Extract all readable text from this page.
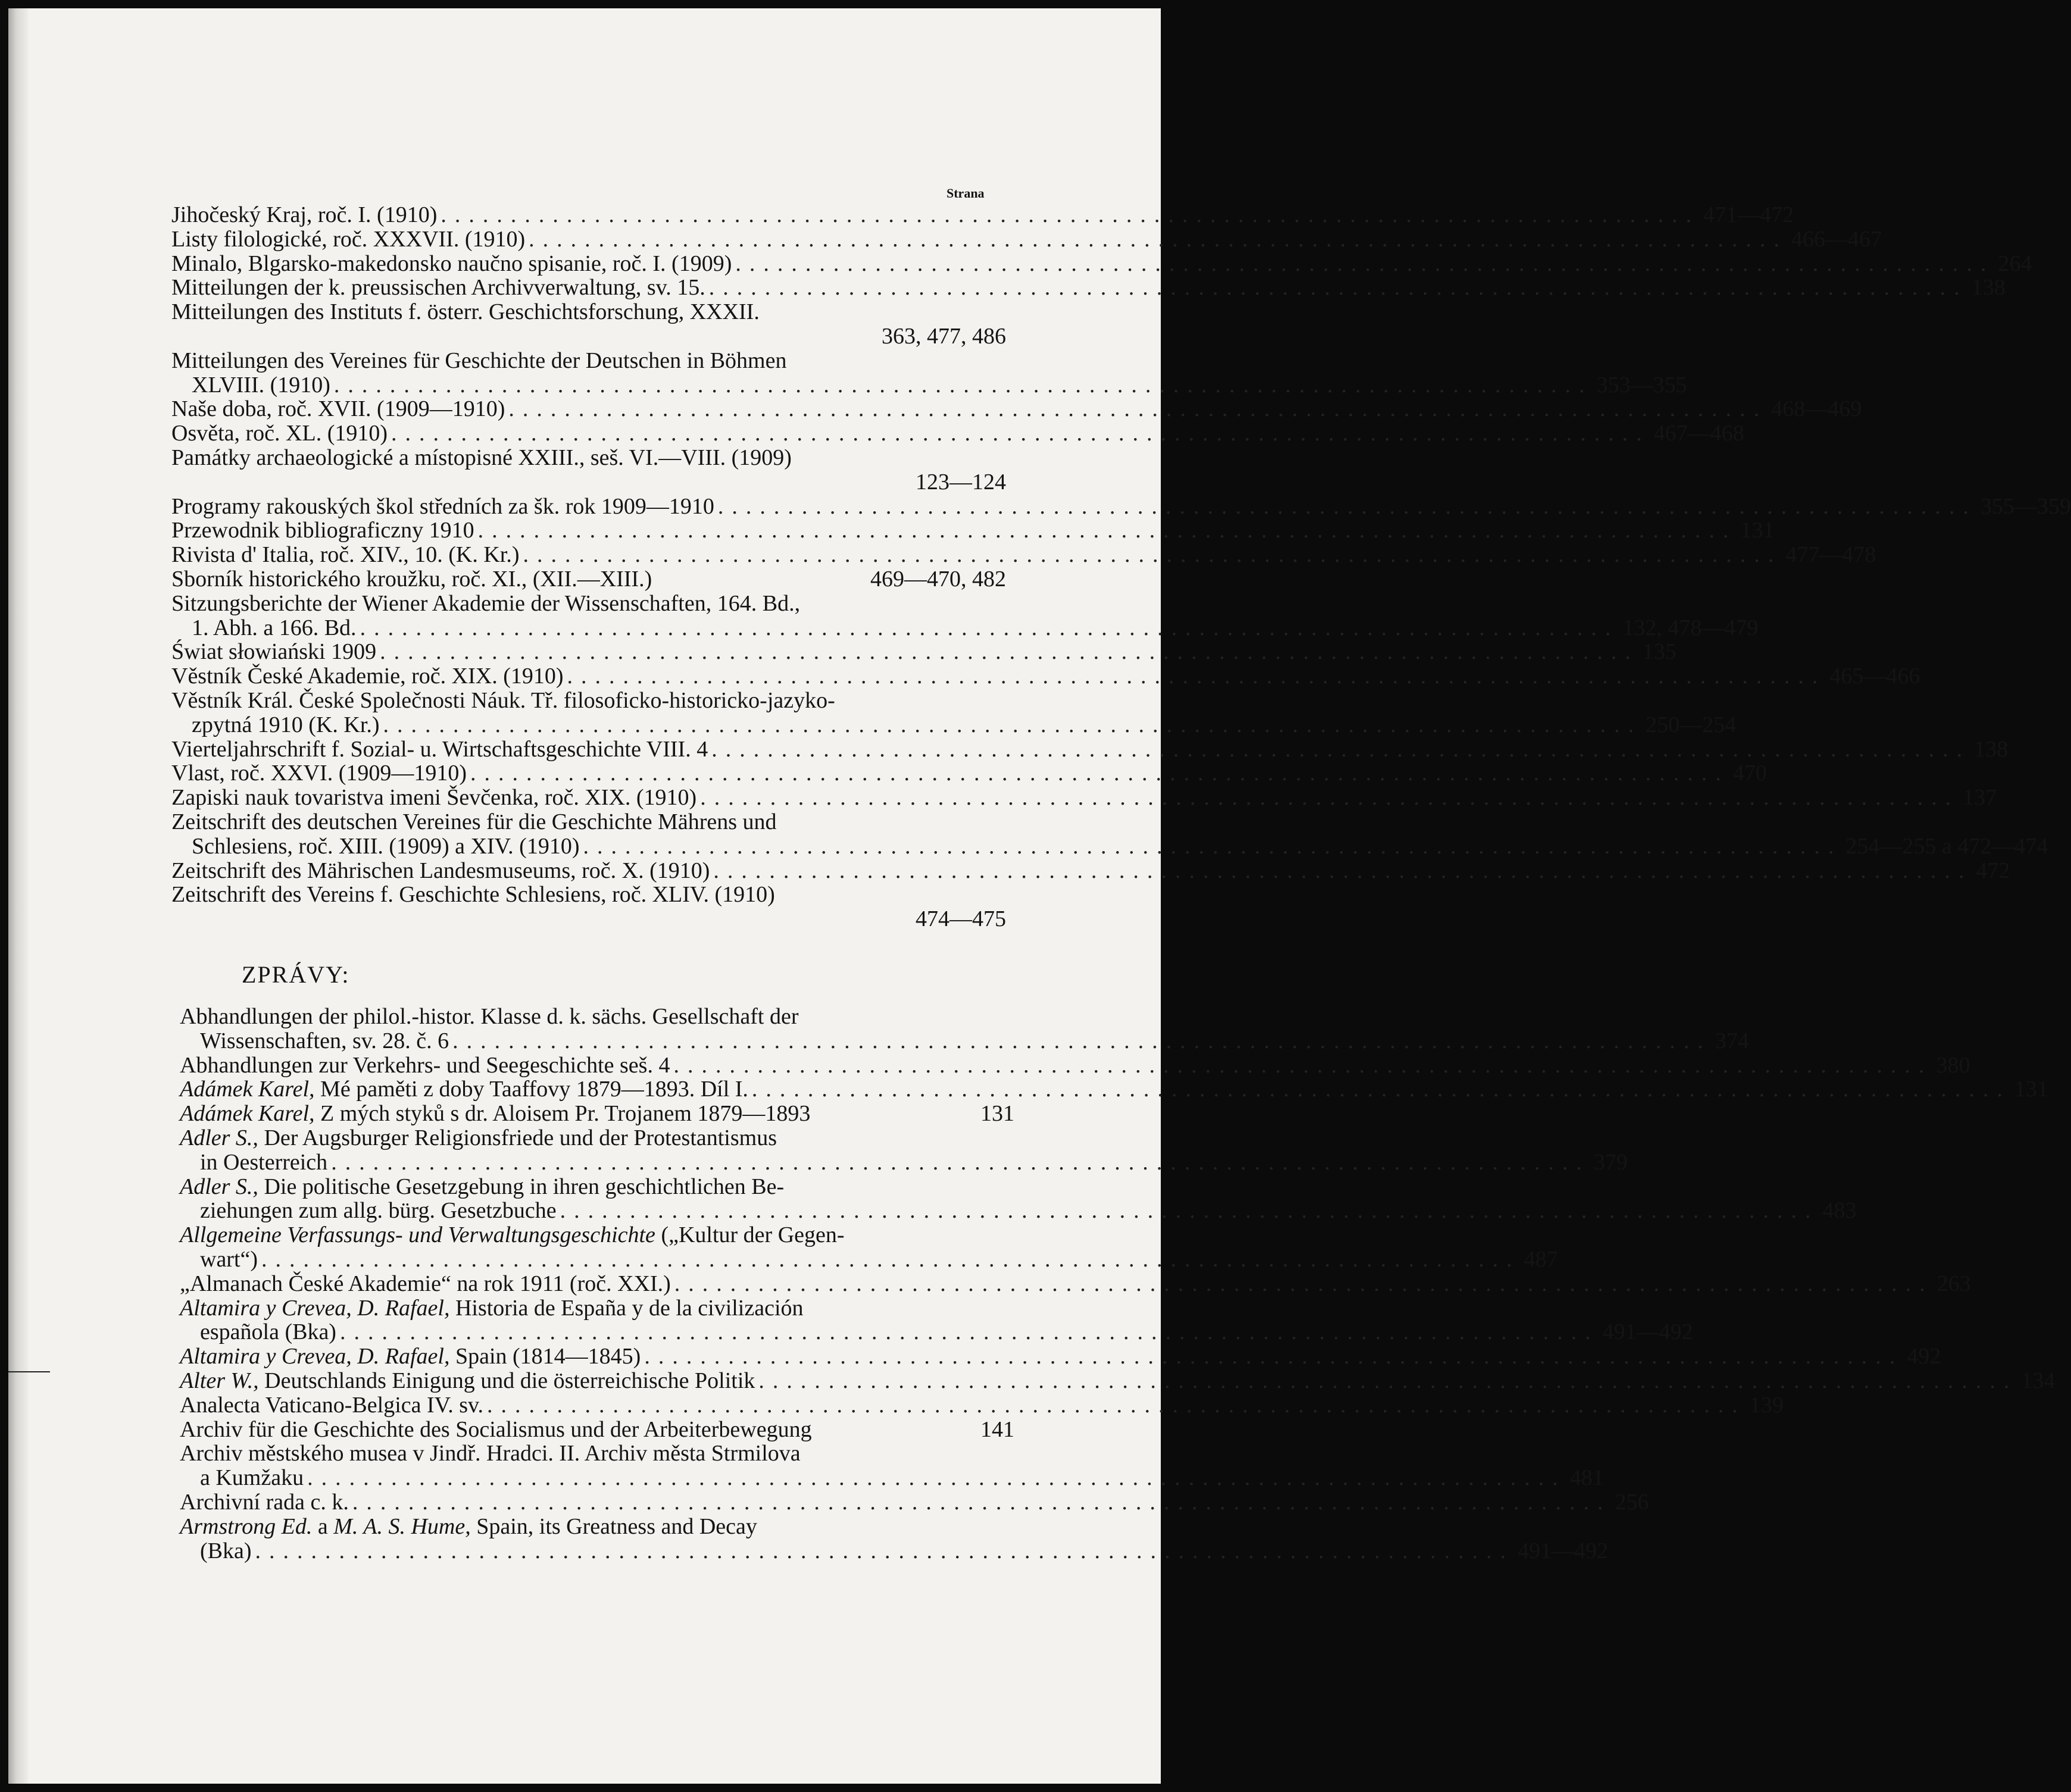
Strana
Jihočeský Kraj, roč. I. (1910) .......................................................................................... 471—472
Listy filologické, roč. XXXVII. (1910) .......................................................................................... 466—467
Minalo, Blgarsko-makedonsko naučno spisanie, roč. I. (1909) .......................................................................................... 264
Mitteilungen der k. preussischen Archivverwaltung, sv. 15. .......................................................................................... 138
Mitteilungen des Instituts f. österr. Geschichtsforschung, XXXII.
363, 477, 486
Mitteilungen des Vereines für Geschichte der Deutschen in Böhmen
XLVIII. (1910) .......................................................................................... 353—355
Naše doba, roč. XVII. (1909—1910) .......................................................................................... 468—469
Osvěta, roč. XL. (1910) .......................................................................................... 467—468
Památky archaeologické a místopisné XXIII., seš. VI.—VIII. (1909)
123—124
Programy rakouských škol středních za šk. rok 1909—1910 .......................................................................................... 355—359
Przewodnik bibliograficzny 1910 .......................................................................................... 131
Rivista d' Italia, roč. XIV., 10. (K. Kr.) .......................................................................................... 477—478
Sborník historického kroužku, roč. XI., (XII.—XIII.)	469—470, 482
Sitzungsberichte der Wiener Akademie der Wissenschaften, 164. Bd.,
1. Abh. a 166. Bd. .......................................................................................... 132, 478—479
Świat słowiański 1909 .......................................................................................... 135
Věstník České Akademie, roč. XIX. (1910) .......................................................................................... 465—466
Věstník Král. České Společnosti Náuk. Tř. filosoficko-historicko-jazyko-
zpytná 1910 (K. Kr.) .......................................................................................... 250—254
Vierteljahrschrift f. Sozial- u. Wirtschaftsgeschichte VIII. 4 .......................................................................................... 138
Vlast, roč. XXVI. (1909—1910) .......................................................................................... 470
Zapiski nauk tovaristva imeni Ševčenka, roč. XIX. (1910) .......................................................................................... 137
Zeitschrift des deutschen Vereines für die Geschichte Mährens und
Schlesiens, roč. XIII. (1909) a XIV. (1910) .......................................................................................... 254—255 a 472—474
Zeitschrift des Mährischen Landesmuseums, roč. X. (1910) .......................................................................................... 472
Zeitschrift des Vereins f. Geschichte Schlesiens, roč. XLIV. (1910)
474—475
ZPRÁVY:
Abhandlungen der philol.-histor. Klasse d. k. sächs. Gesellschaft der
Wissenschaften, sv. 28. č. 6 .......................................................................................... 374
Abhandlungen zur Verkehrs- und Seegeschichte seš. 4 .......................................................................................... 380
Adámek Karel, Mé paměti z doby Taaffovy 1879—1893. Díl I. .......................................................................................... 131
Adámek Karel, Z mých styků s dr. Aloisem Pr. Trojanem 1879—1893	131
Adler S., Der Augsburger Religionsfriede und der Protestantismus
in Oesterreich .......................................................................................... 379
Adler S., Die politische Gesetzgebung in ihren geschichtlichen Be-
ziehungen zum allg. bürg. Gesetzbuche .......................................................................................... 483
Allgemeine Verfassungs- und Verwaltungsgeschichte („Kultur der Gegen-
wart“) .......................................................................................... 487
„Almanach České Akademie“ na rok 1911 (roč. XXI.) .......................................................................................... 263
Altamira y Crevea, D. Rafael, Historia de España y de la civilización
española (Bka) .......................................................................................... 491—492
Altamira y Crevea, D. Rafael, Spain (1814—1845) .......................................................................................... 492
Alter W., Deutschlands Einigung und die österreichische Politik .......................................................................................... 134
Analecta Vaticano-Belgica IV. sv. .......................................................................................... 139
Archiv für die Geschichte des Socialismus und der Arbeiterbewegung	141
Archiv městského musea v Jindř. Hradci. II. Archiv města Strmilova
a Kumžaku .......................................................................................... 481
Archivní rada c. k. .......................................................................................... 256
Armstrong Ed. a M. A. S. Hume, Spain, its Greatness and Decay
(Bka) .......................................................................................... 491—492
